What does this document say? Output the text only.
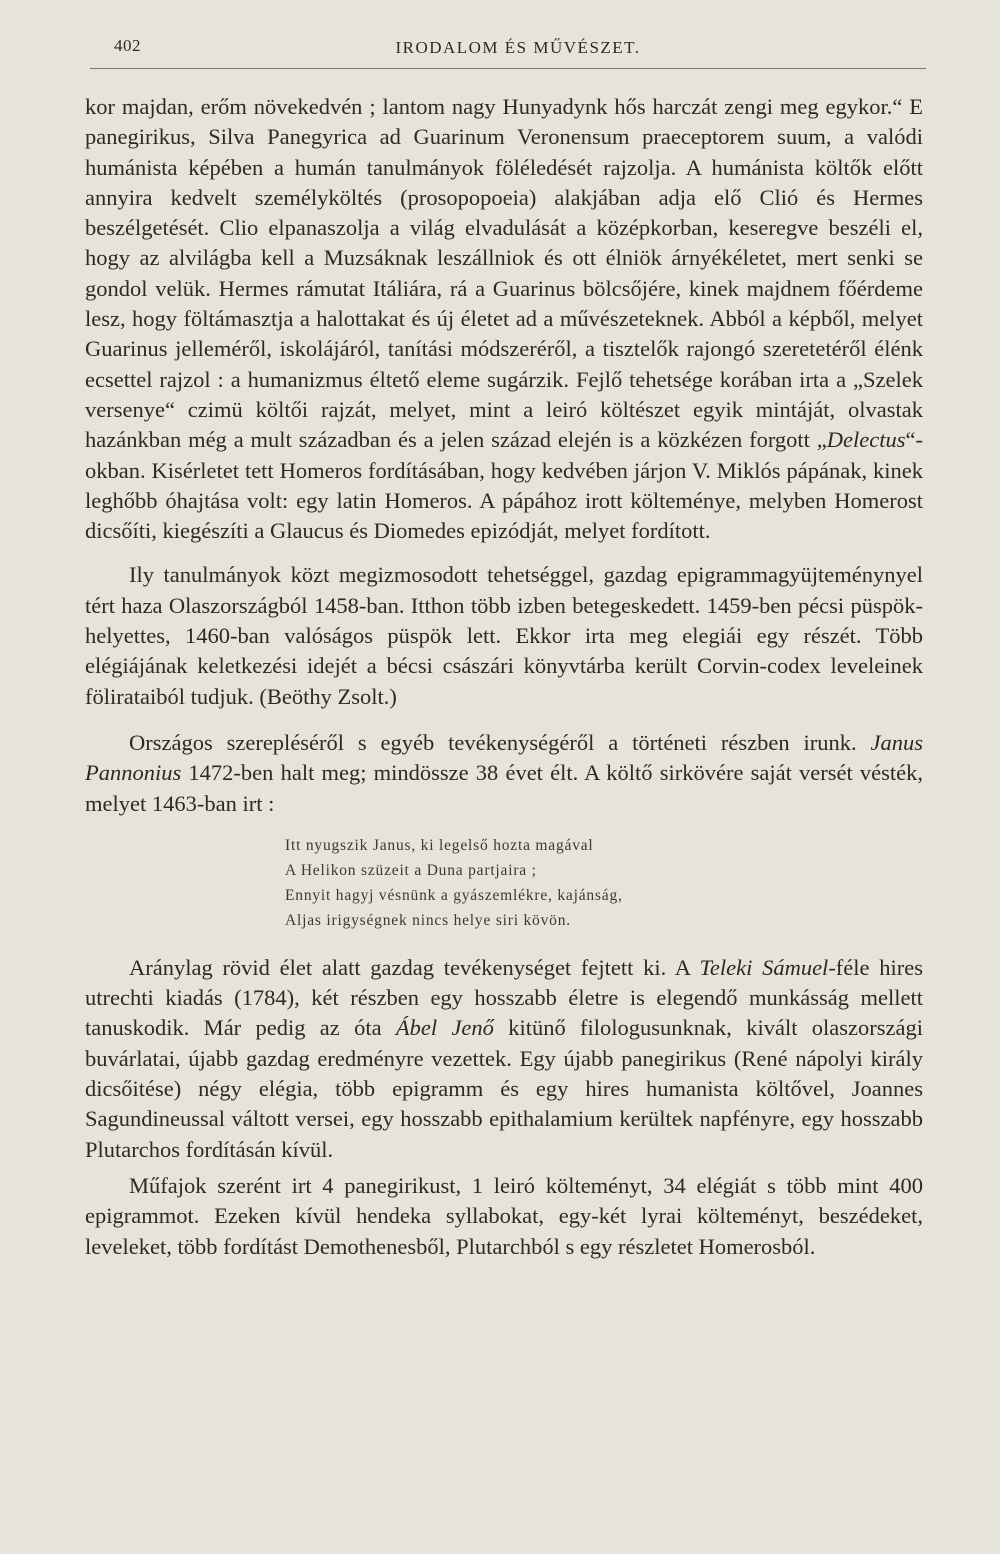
402	IRODALOM ÉS MŰVÉSZET.

kor majdan, erőm növekedvén ; lantom nagy Hunyadynk hős harczát zengi meg egykor.“ E panegirikus, Silva Panegyrica ad Guarinum Veronensum praeceptorem suum, a valódi humánista képében a humán tanulmányok föléledését rajzolja. A humánista költők előtt annyira kedvelt személyköltés (prosopopoeia) alakjában adja elő Clió és Hermes beszélgetését. Clio elpanaszolja a világ elvadulását a középkorban, keseregve beszéli el, hogy az alvilágba kell a Muzsáknak leszállniok és ott élniök árnyékéletet, mert senki se gondol velük. Hermes rámutat Itáliára, rá a Guarinus bölcsőjére, kinek majdnem főérdeme lesz, hogy föltámasztja a halottakat és új életet ad a művészeteknek. Abból a képből, melyet Guarinus jelleméről, iskolájáról, tanítási módszeréről, a tisztelők rajongó szeretetéről élénk ecsettel rajzol : a humanizmus éltető eleme sugárzik. Fejlő tehetsége korában irta a „Szelek versenye“ czimü költői rajzát, melyet, mint a leiró költészet egyik mintáját, olvastak hazánkban még a mult században és a jelen század elején is a közkézen forgott „Delectus“-okban. Kisérletet tett Homeros fordításában, hogy kedvében járjon V. Miklós pápának, kinek leghőbb óhajtása volt: egy latin Homeros. A pápához irott költeménye, melyben Homerost dicsőíti, kiegészíti a Glaucus és Diomedes epizódját, melyet fordított.

Ily tanulmányok közt megizmosodott tehetséggel, gazdag epigrammagyüjteménynyel tért haza Olaszországból 1458-ban. Itthon több izben betegeskedett. 1459-ben pécsi püspök-helyettes, 1460-ban valóságos püspök lett. Ekkor irta meg elegiái egy részét. Több elégiájának keletkezési idejét a bécsi császári könyvtárba került Corvin-codex leveleinek fölirataiból tudjuk. (Beöthy Zsolt.)

Országos szerepléséről s egyéb tevékenységéről a történeti részben irunk. Janus Pannonius 1472-ben halt meg; mindössze 38 évet élt. A költő sirkövére saját versét vésték, melyet 1463-ban irt :

Itt nyugszik Janus, ki legelső hozta magával
A Helikon szüzeit a Duna partjaira ;
Ennyit hagyj vésnünk a gyászemlékre, kajánság,
Aljas irigységnek nincs helye siri kövön.

Aránylag rövid élet alatt gazdag tevékenységet fejtett ki. A Teleki Sámuel-féle hires utrechti kiadás (1784), két részben egy hosszabb életre is elegendő munkásság mellett tanuskodik. Már pedig az óta Ábel Jenő kitünő filologusunknak, kivált olaszországi buvárlatai, újabb gazdag eredményre vezettek. Egy újabb panegirikus (René nápolyi király dicsőitése) négy elégia, több epigramm és egy hires humanista költővel, Joannes Sagundineussal váltott versei, egy hosszabb epithalamium kerültek napfényre, egy hosszabb Plutarchos fordításán kívül.

Műfajok szerént irt 4 panegirikust, 1 leiró költeményt, 34 elégiát s több mint 400 epigrammot. Ezeken kívül hendeka syllabokat, egy-két lyrai költeményt, beszédeket, leveleket, több fordítást Demothenesből, Plutarchból s egy részletet Homerosból.
